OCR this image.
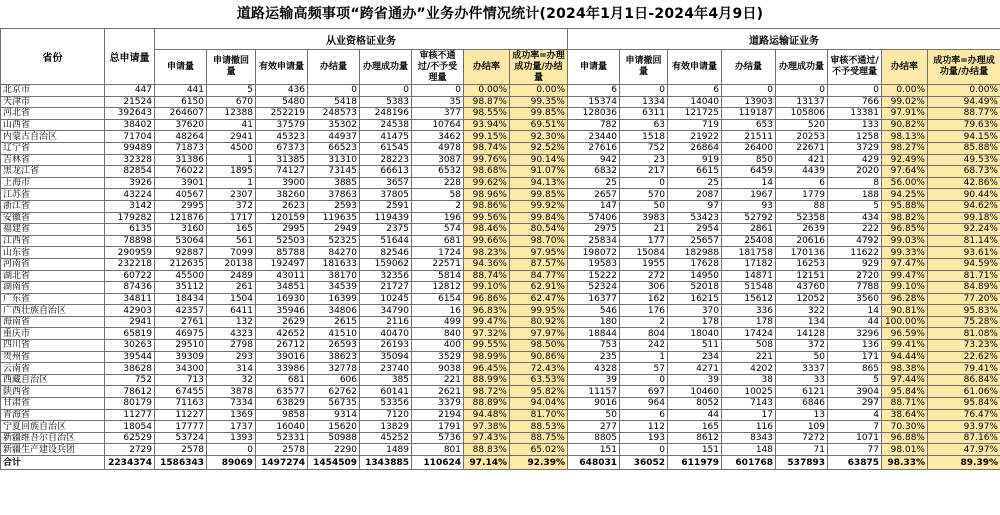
道路运输高频事项“跨省通办”业务办件情况统计(2024年1月1日-2024年4月9日)
省份	总申请量	从业资格证业务								道路运输证业务							
		申请量	申请撤回量	有效申请量	办结量	办理成功量	审核不通过/不予受理量	办结率	成功率=办理成功量/办结量	申请量	申请撤回量	有效申请量	办结量	办理成功量	审核不通过/不予受理量	办结率	成功率=办理成功量/办结量
北京市	447	441	5	436	0	0	0	0.00%	0.00%	6	0	6	0	0	0	0.00%	0.00%
天津市	21524	6150	670	5480	5418	5383	35	98.87%	99.35%	15374	1334	14040	13903	13137	766	99.02%	94.49%
河北省	392643	264607	12388	252219	248573	248196	377	98.55%	99.85%	128036	6311	121725	119187	105806	13381	97.91%	88.77%
山西省	38402	37620	41	37579	35302	24538	10764	93.94%	69.51%	782	63	719	653	520	133	90.82%	79.63%
内蒙古自治区	71704	48264	2941	45323	44937	41475	3462	99.15%	92.30%	23440	1518	21922	21511	20253	1258	98.13%	94.15%
辽宁省	99489	71873	4500	67373	66523	61545	4978	98.74%	92.52%	27616	752	26864	26400	22671	3729	98.27%	85.88%
吉林省	32328	31386	1	31385	31310	28223	3087	99.76%	90.14%	942	23	919	850	421	429	92.49%	49.53%
黑龙江省	82854	76022	1895	74127	73145	66613	6532	98.68%	91.07%	6832	217	6615	6459	4439	2020	97.64%	68.73%
上海市	3926	3901	1	3900	3885	3657	228	99.62%	94.13%	25	0	25	14	6	8	56.00%	42.86%
江苏省	43224	40567	2307	38260	37863	37805	58	98.96%	99.85%	2657	570	2087	1967	1779	188	94.25%	90.44%
浙江省	3142	2995	372	2623	2593	2591	2	98.86%	99.92%	147	50	97	93	88	5	95.88%	94.62%
安徽省	179282	121876	1717	120159	119635	119439	196	99.56%	99.84%	57406	3983	53423	52792	52358	434	98.82%	99.18%
福建省	6135	3160	165	2995	2949	2375	574	98.46%	80.54%	2975	21	2954	2861	2639	222	96.85%	92.24%
江西省	78898	53064	561	52503	52325	51644	681	99.66%	98.70%	25834	177	25657	25408	20616	4792	99.03%	81.14%
山东省	290959	92887	7099	85788	84270	82546	1724	98.23%	97.95%	198072	15084	182988	181758	170136	11622	99.33%	93.61%
河南省	232218	212635	20138	192497	181633	159062	22571	94.36%	87.57%	19583	1955	17628	17182	16253	929	97.47%	94.59%
湖北省	60722	45500	2489	43011	38170	32356	5814	88.74%	84.77%	15222	272	14950	14871	12151	2720	99.47%	81.71%
湖南省	87436	35112	261	34851	34539	21727	12812	99.10%	62.91%	52324	306	52018	51548	43760	7788	99.10%	84.89%
广东省	34811	18434	1504	16930	16399	10245	6154	96.86%	62.47%	16377	162	16215	15612	12052	3560	96.28%	77.20%
广西壮族自治区	42903	42357	6411	35946	34806	34790	16	96.83%	99.95%	546	176	370	336	322	14	90.81%	95.83%
海南省	2941	2761	132	2629	2615	2116	499	99.47%	80.92%	180	2	178	178	134	44	100.00%	75.28%
重庆市	65819	46975	4323	42652	41510	40470	840	97.32%	97.97%	18844	804	18040	17424	14128	3296	96.59%	81.08%
四川省	30263	29510	2798	26712	26593	26193	400	99.55%	98.50%	753	242	511	508	372	136	99.41%	73.23%
贵州省	39544	39309	293	39016	38623	35094	3529	98.99%	90.86%	235	1	234	221	50	171	94.44%	22.62%
云南省	38628	34300	314	33986	32778	23740	9038	96.45%	72.43%	4328	57	4271	4202	3337	865	98.38%	79.41%
西藏自治区	752	713	32	681	606	385	221	88.99%	63.53%	39	0	39	38	33	5	97.44%	86.84%
陕西省	78612	67455	3878	63577	62762	60141	2621	98.72%	95.82%	11157	697	10460	10025	6121	3904	95.84%	61.06%
甘肃省	80179	71163	7334	63829	56735	53356	3379	88.89%	94.04%	9016	964	8052	7143	6846	297	88.71%	95.84%
青海省	11277	11227	1369	9858	9314	7120	2194	94.48%	81.70%	50	6	44	17	13	4	38.64%	76.47%
宁夏回族自治区	18054	17777	1737	16040	15620	13829	1791	97.38%	88.53%	277	112	165	116	109	7	70.30%	93.97%
新疆维吾尔自治区	62529	53724	1393	52331	50988	45252	5736	97.43%	88.75%	8805	193	8612	8343	7272	1071	96.88%	87.16%
新疆生产建设兵团	2729	2578	0	2578	2290	1489	801	88.83%	65.02%	151	0	151	148	71	77	98.01%	47.97%
合计	2234374	1586343	89069	1497274	1454509	1343885	110624	97.14%	92.39%	648031	36052	611979	601768	537893	63875	98.33%	89.39%
